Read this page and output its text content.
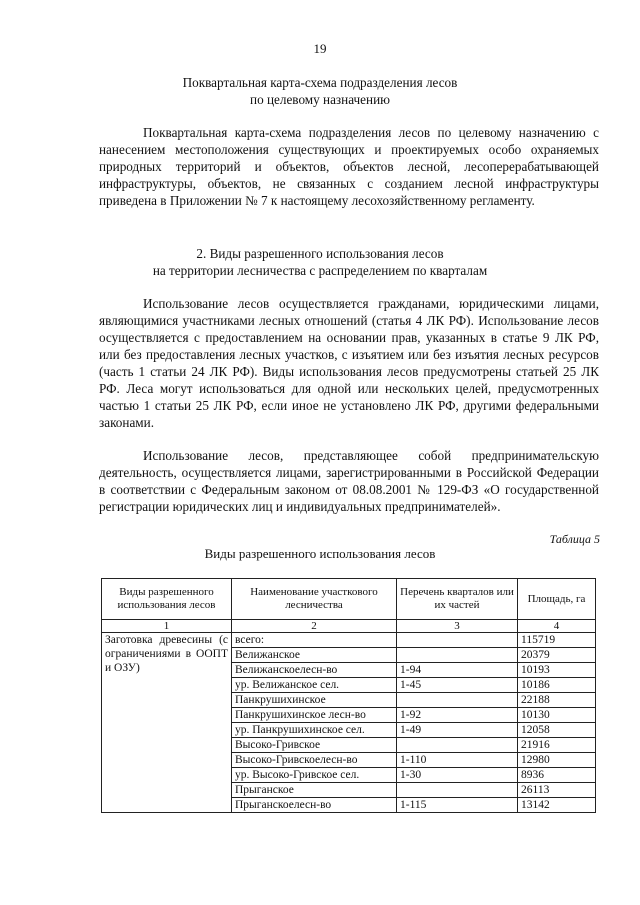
19
Поквартальная карта-схема подразделения лесов
по целевому назначению

Поквартальная карта-схема подразделения лесов по целевому назначению с нанесением местоположения существующих и проектируемых особо охраняемых природных территорий и объектов, объектов лесной, лесоперерабатывающей инфраструктуры, объектов, не связанных с созданием лесной инфраструктуры приведена в Приложении № 7 к настоящему лесохозяйственному регламенту.

2. Виды разрешенного использования лесов
на территории лесничества с распределением по кварталам

Использование лесов осуществляется гражданами, юридическими лицами, являющимися участниками лесных отношений (статья 4 ЛК РФ). Использование лесов осуществляется с предоставлением на основании прав, указанных в статье 9 ЛК РФ, или без предоставления лесных участков, с изъятием или без изъятия лесных ресурсов (часть 1 статьи 24 ЛК РФ). Виды использования лесов предусмотрены статьей 25 ЛК РФ. Леса могут использоваться для одной или нескольких целей, предусмотренных частью 1 статьи 25 ЛК РФ, если иное не установлено ЛК РФ, другими федеральными законами.

Использование лесов, представляющее собой предпринимательскую деятельность, осуществляется лицами, зарегистрированными в Российской Федерации в соответствии с Федеральным законом от 08.08.2001 № 129-ФЗ «О государственной регистрации юридических лиц и индивидуальных предпринимателей».

Таблица 5
Виды разрешенного использования лесов
Виды разрешенного использования лесов	Наименование участкового лесничества	Перечень кварталов или их частей	Площадь, га
1	2	3	4
Заготовка древесины (с ограничениями в ООПТ и ОЗУ)	всего:		115719
	Велижанское		20379
	Велижанскоелесн-во	1-94	10193
	ур. Велижанское сел.	1-45	10186
	Панкрушихинское		22188
	Панкрушихинское лесн-во	1-92	10130
	ур. Панкрушихинское сел.	1-49	12058
	Высоко-Гривское		21916
	Высоко-Гривскоелесн-во	1-110	12980
	ур. Высоко-Гривское сел.	1-30	8936
	Прыганское		26113
	Прыганскоелесн-во	1-115	13142
